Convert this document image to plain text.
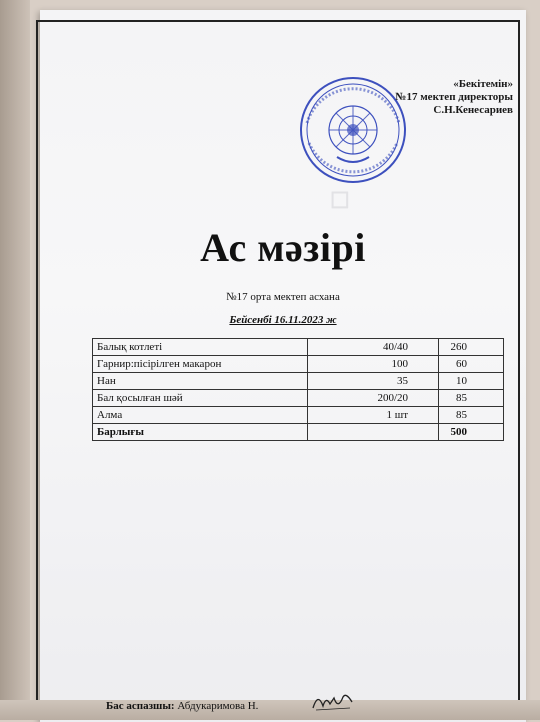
☐
«Бекітемін»
№17 мектеп директоры
С.Н.Кенесариев
Ас мәзірі
№17 орта мектеп асхана
Бейсенбі 16.11.2023 ж
Балық котлеті	40/40	260
Гарнир:пісірілген макарон	100	60
Нан	35	10
Бал қосылған шәй	200/20	85
Алма	1 шт	85
Барлығы		500
Бас аспазшы: Абдукаримова Н.
